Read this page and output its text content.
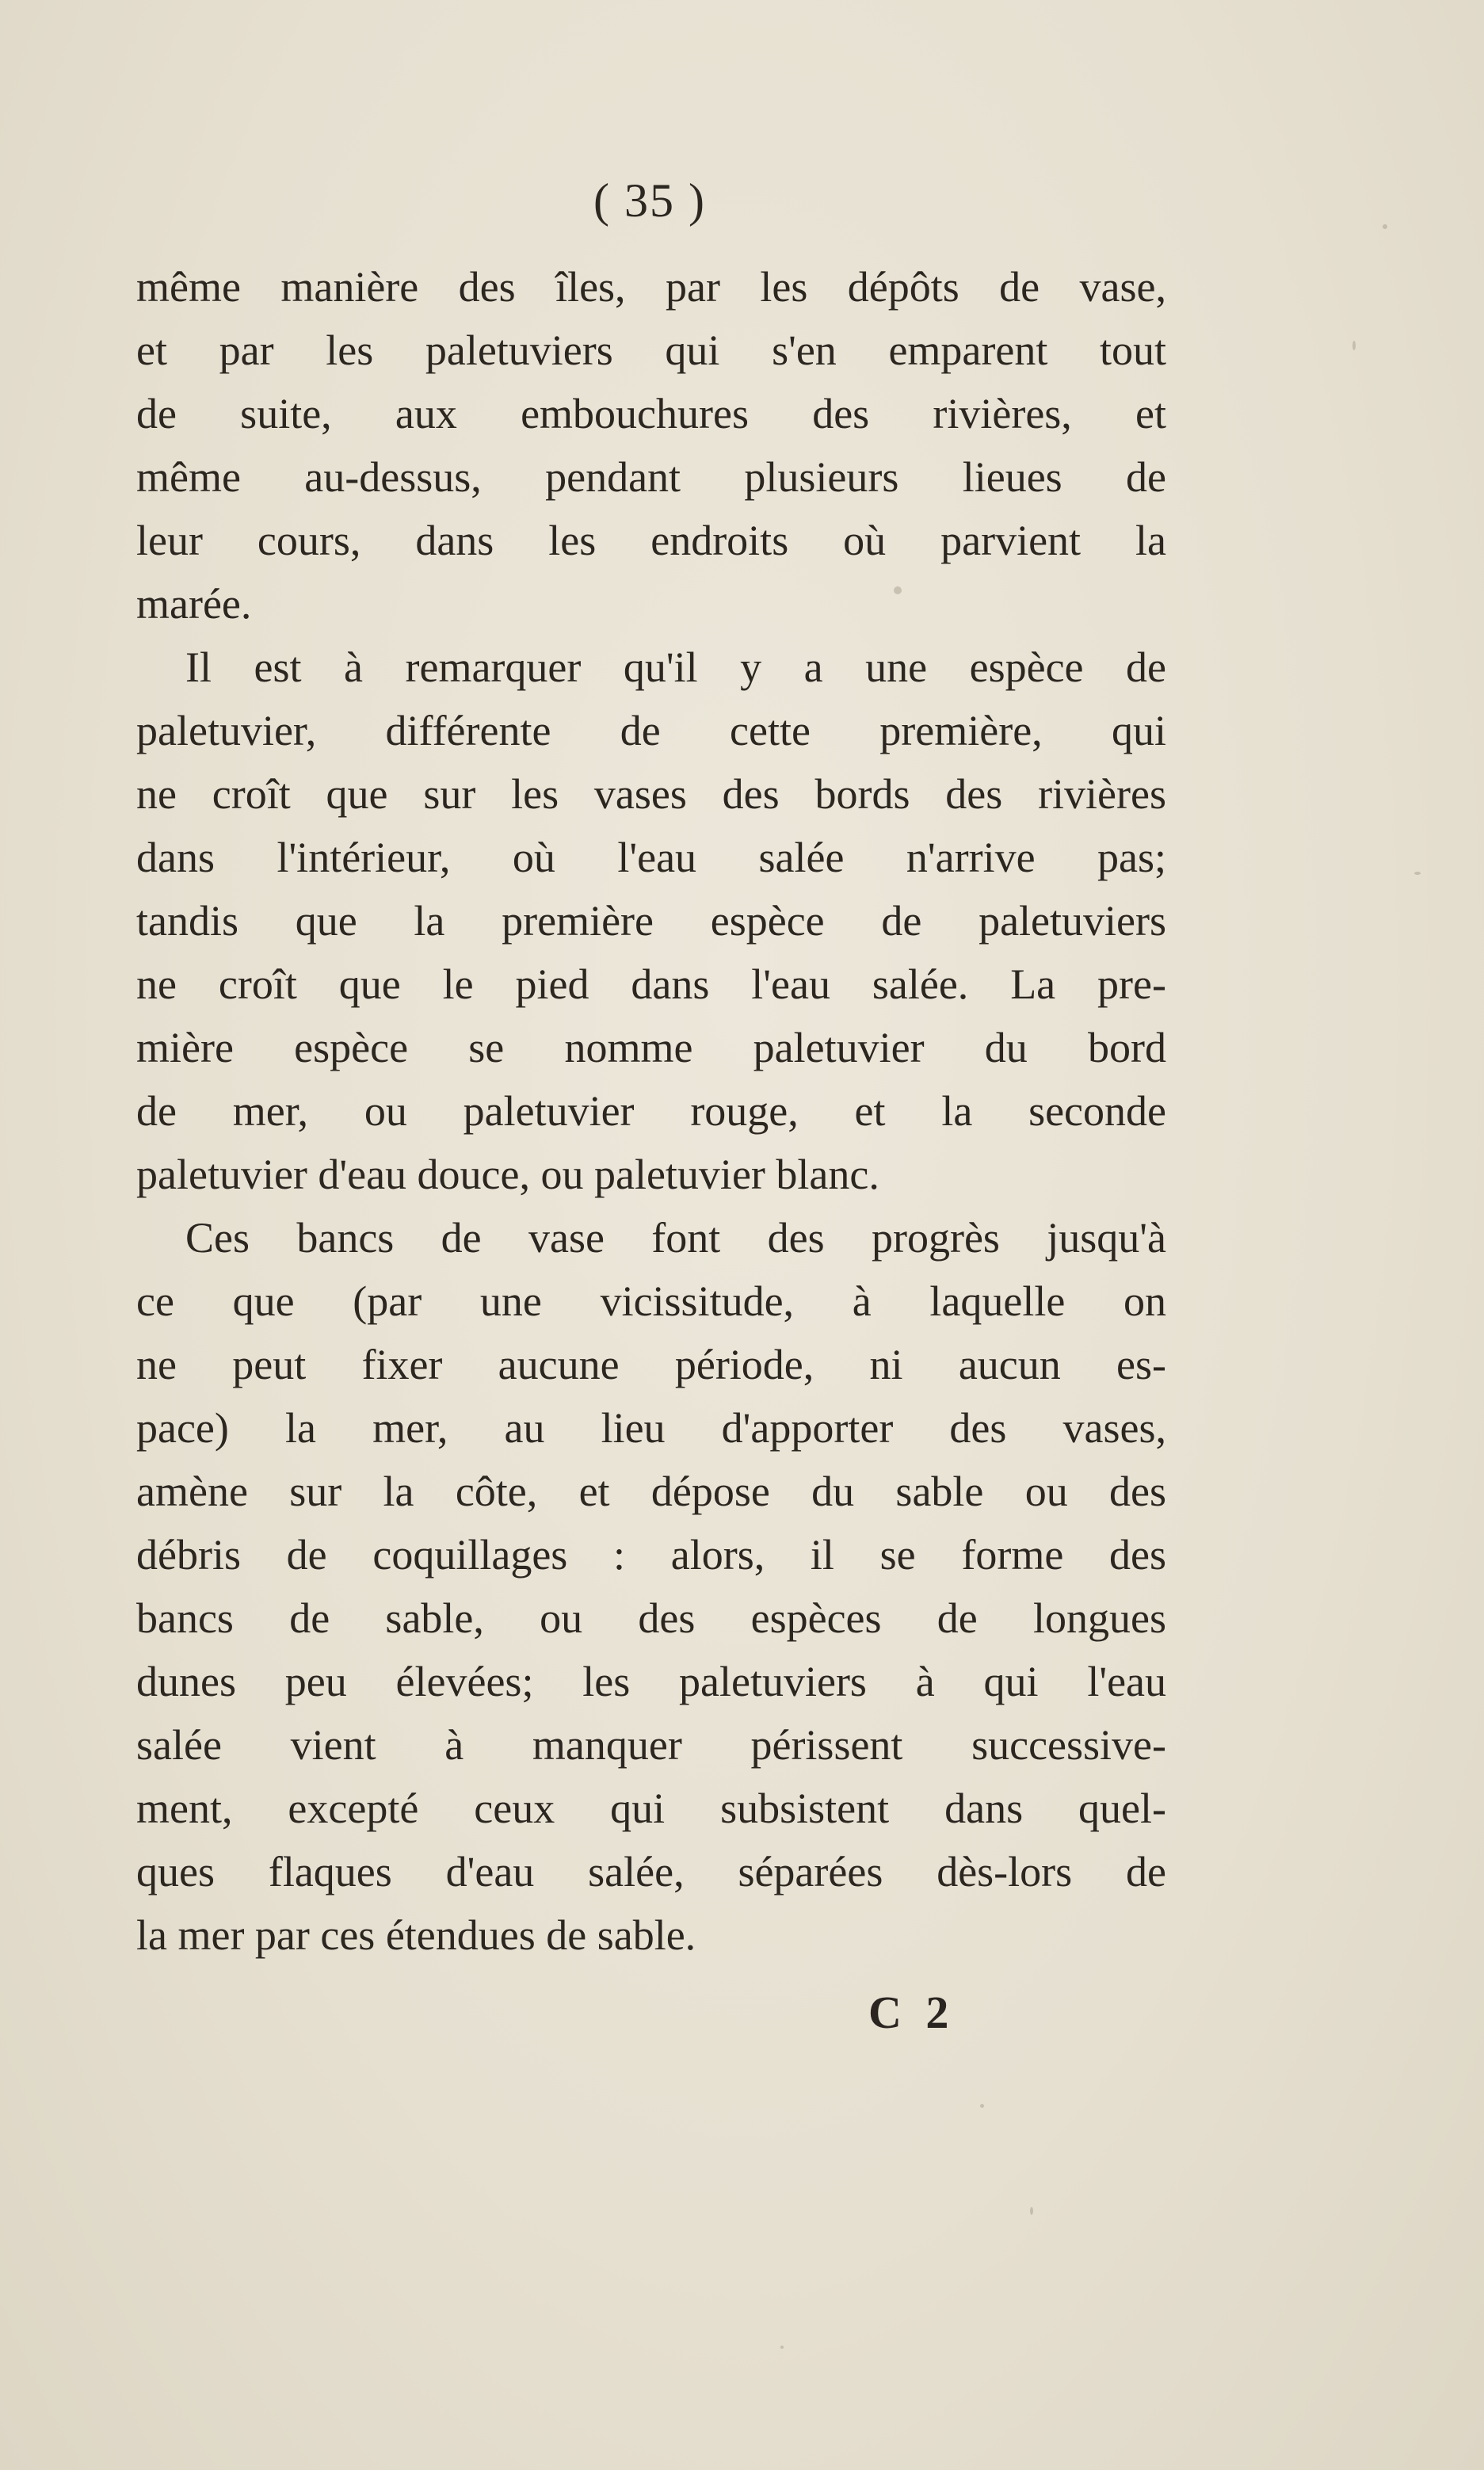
( 35 )
même manière des îles, par les dépôts de vase,
et par les paletuviers qui s'en emparent tout
de suite, aux embouchures des rivières, et
même au-dessus, pendant plusieurs lieues de
leur cours, dans les endroits où parvient la
marée.
Il est à remarquer qu'il y a une espèce de
paletuvier, différente de cette première, qui
ne croît que sur les vases des bords des rivières
dans l'intérieur, où l'eau salée n'arrive pas;
tandis que la première espèce de paletuviers
ne croît que le pied dans l'eau salée. La pre-
mière espèce se nomme paletuvier du bord
de mer, ou paletuvier rouge, et la seconde
paletuvier d'eau douce, ou paletuvier blanc.
Ces bancs de vase font des progrès jusqu'à
ce que (par une vicissitude, à laquelle on
ne peut fixer aucune période, ni aucun es-
pace) la mer, au lieu d'apporter des vases,
amène sur la côte, et dépose du sable ou des
débris de coquillages : alors, il se forme des
bancs de sable, ou des espèces de longues
dunes peu élevées; les paletuviers à qui l'eau
salée vient à manquer périssent successive-
ment, excepté ceux qui subsistent dans quel-
ques flaques d'eau salée, séparées dès-lors de
la mer par ces étendues de sable.
C 2
